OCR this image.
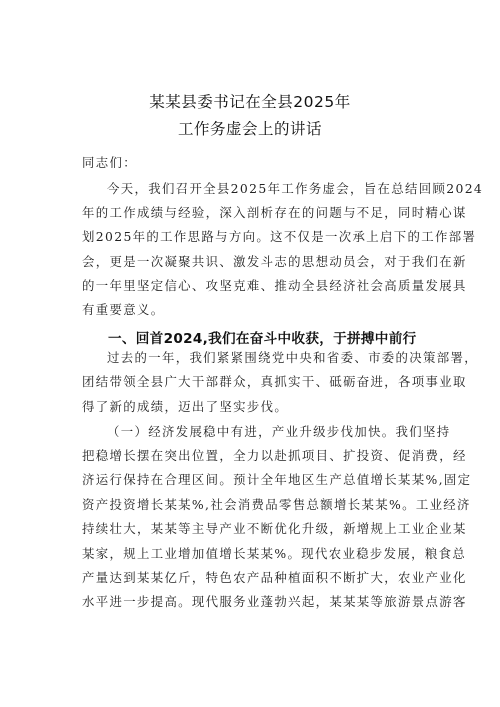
某某县委书记在全县2025年
工作务虚会上的讲话
同志们：
今天，我们召开全县2025年工作务虚会，旨在总结回顾2024
年的工作成绩与经验，深入剖析存在的问题与不足，同时精心谋
划2025年的工作思路与方向。这不仅是一次承上启下的工作部署
会，更是一次凝聚共识、激发斗志的思想动员会，对于我们在新
的一年里坚定信心、攻坚克难、推动全县经济社会高质量发展具
有重要意义。
一、回首2024,我们在奋斗中收获，于拼搏中前行
过去的一年，我们紧紧围绕党中央和省委、市委的决策部署，
团结带领全县广大干部群众，真抓实干、砥砺奋进，各项事业取
得了新的成绩，迈出了坚实步伐。
（一）经济发展稳中有进，产业升级步伐加快。我们坚持
把稳增长摆在突出位置，全力以赴抓项目、扩投资、促消费，经
济运行保持在合理区间。预计全年地区生产总值增长某某%,固定
资产投资增长某某%,社会消费品零售总额增长某某%。工业经济
持续壮大，某某等主导产业不断优化升级，新增规上工业企业某
某家，规上工业增加值增长某某%。现代农业稳步发展，粮食总
产量达到某某亿斤，特色农产品种植面积不断扩大，农业产业化
水平进一步提高。现代服务业蓬勃兴起，某某某等旅游景点游客
